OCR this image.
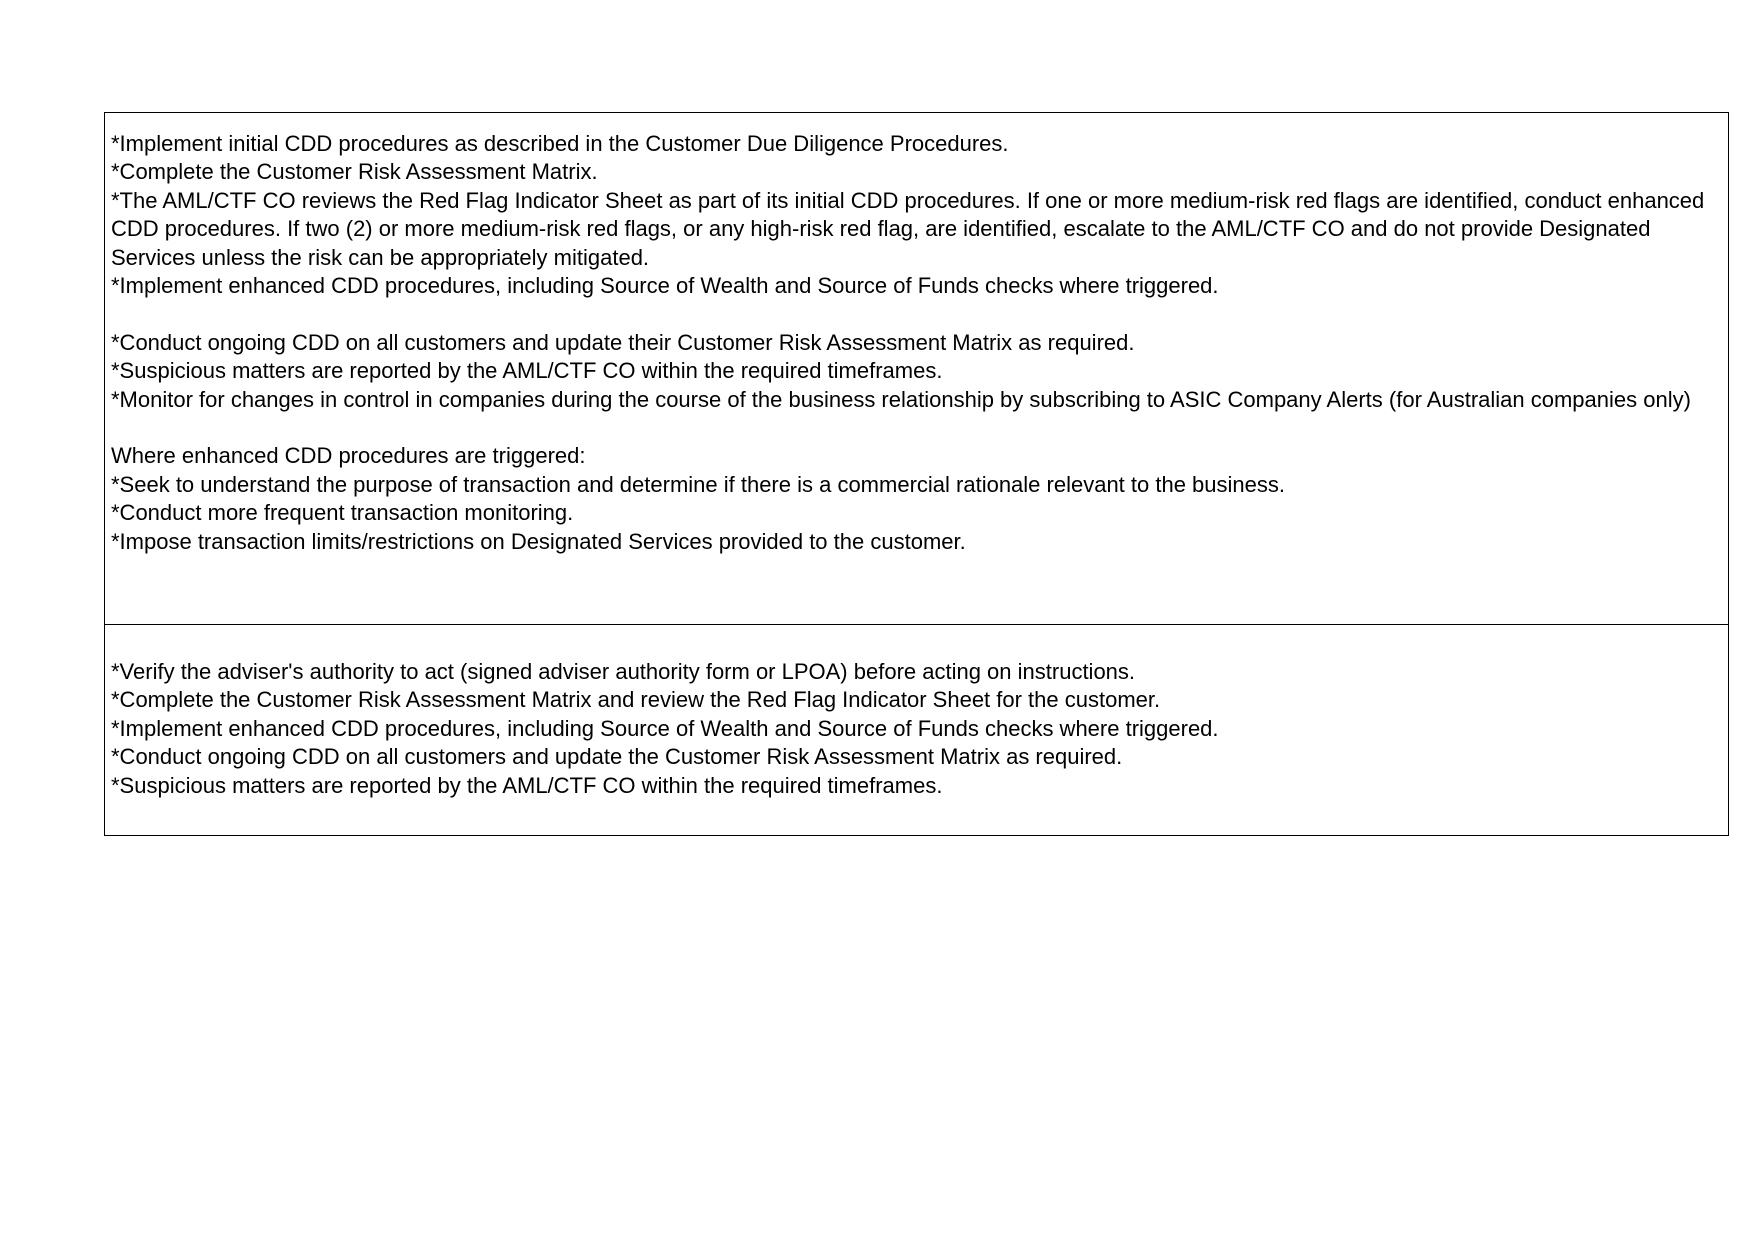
*Implement initial CDD procedures as described in the Customer Due Diligence Procedures.
*Complete the Customer Risk Assessment Matrix.
*The AML/CTF CO reviews the Red Flag Indicator Sheet as part of its initial CDD procedures. If one or more medium-risk red flags are identified, conduct enhanced CDD procedures. If two (2) or more medium-risk red flags, or any high-risk red flag, are identified, escalate to the AML/CTF CO and do not provide Designated Services unless the risk can be appropriately mitigated.
*Implement enhanced CDD procedures, including Source of Wealth and Source of Funds checks where triggered.
*Conduct ongoing CDD on all customers and update their Customer Risk Assessment Matrix as required.
*Suspicious matters are reported by the AML/CTF CO within the required timeframes.
*Monitor for changes in control in companies during the course of the business relationship by subscribing to ASIC Company Alerts (for Australian companies only)
Where enhanced CDD procedures are triggered:
*Seek to understand the purpose of transaction and determine if there is a commercial rationale relevant to the business.
*Conduct more frequent transaction monitoring.
*Impose transaction limits/restrictions on Designated Services provided to the customer.

*Verify the adviser's authority to act (signed adviser authority form or LPOA) before acting on instructions.
*Complete the Customer Risk Assessment Matrix and review the Red Flag Indicator Sheet for the customer.
*Implement enhanced CDD procedures, including Source of Wealth and Source of Funds checks where triggered.
*Conduct ongoing CDD on all customers and update the Customer Risk Assessment Matrix as required.
*Suspicious matters are reported by the AML/CTF CO within the required timeframes.
